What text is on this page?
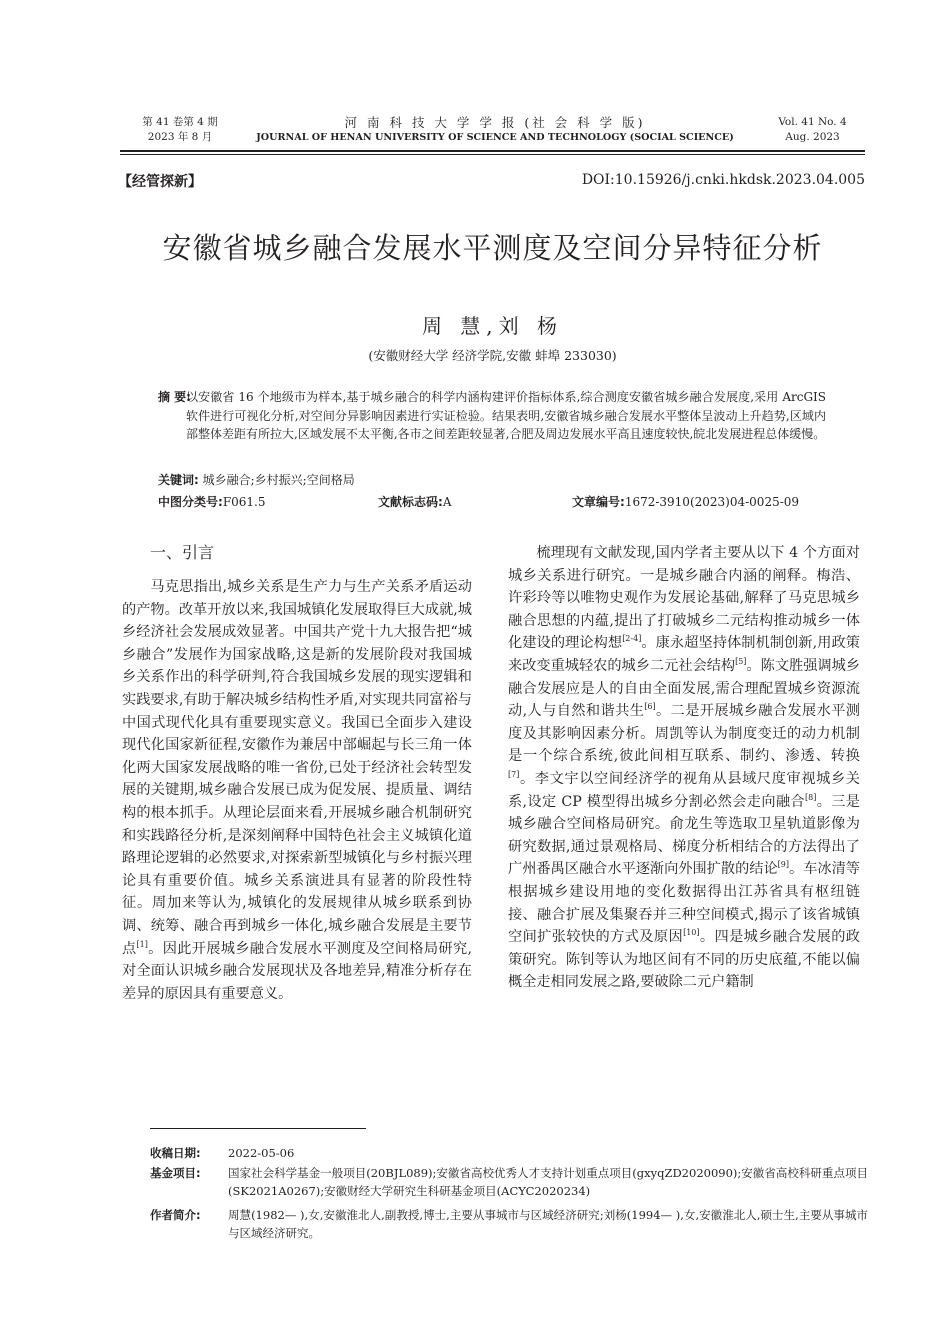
第 41 卷第 4 期
2023 年 8 月
河 南 科 技 大 学 学 报 (社 会 科 学 版)
JOURNAL OF HENAN UNIVERSITY OF SCIENCE AND TECHNOLOGY (SOCIAL SCIENCE)
Vol. 41 No. 4
Aug. 2023
【经管探新】	DOI:10.15926/j.cnki.hkdsk.2023.04.005
安徽省城乡融合发展水平测度及空间分异特征分析
周 慧,刘 杨
(安徽财经大学 经济学院,安徽 蚌埠 233030)
摘 要:
以安徽省 16 个地级市为样本,基于城乡融合的科学内涵构建评价指标体系,综合测度安徽省城乡融合发展度,采用 ArcGIS 软件进行可视化分析,对空间分异影响因素进行实证检验。结果表明,安徽省城乡融合发展水平整体呈波动上升趋势,区域内部整体差距有所拉大,区域发展不太平衡,各市之间差距较显著,合肥及周边发展水平高且速度较快,皖北发展进程总体缓慢。
关键词: 城乡融合;乡村振兴;空间格局
中图分类号:F061.5	文献标志码:A	文章编号:1672-3910(2023)04-0025-09
一、引言

马克思指出,城乡关系是生产力与生产关系矛盾运动的产物。改革开放以来,我国城镇化发展取得巨大成就,城乡经济社会发展成效显著。中国共产党十九大报告把“城乡融合”发展作为国家战略,这是新的发展阶段对我国城乡关系作出的科学研判,符合我国城乡发展的现实逻辑和实践要求,有助于解决城乡结构性矛盾,对实现共同富裕与中国式现代化具有重要现实意义。我国已全面步入建设现代化国家新征程,安徽作为兼居中部崛起与长三角一体化两大国家发展战略的唯一省份,已处于经济社会转型发展的关键期,城乡融合发展已成为促发展、提质量、调结构的根本抓手。从理论层面来看,开展城乡融合机制研究和实践路径分析,是深刻阐释中国特色社会主义城镇化道路理论逻辑的必然要求,对探索新型城镇化与乡村振兴理论具有重要价值。城乡关系演进具有显著的阶段性特征。周加来等认为,城镇化的发展规律从城乡联系到协调、统筹、融合再到城乡一体化,城乡融合发展是主要节点[1]。因此开展城乡融合发展水平测度及空间格局研究,对全面认识城乡融合发展现状及各地差异,精准分析存在差异的原因具有重要意义。

梳理现有文献发现,国内学者主要从以下 4 个方面对城乡关系进行研究。一是城乡融合内涵的阐释。梅浩、许彩玲等以唯物史观作为发展论基础,解释了马克思城乡融合思想的内蕴,提出了打破城乡二元结构推动城乡一体化建设的理论构想[2-4]。康永超坚持体制机制创新,用政策来改变重城轻农的城乡二元社会结构[5]。陈文胜强调城乡融合发展应是人的自由全面发展,需合理配置城乡资源流动,人与自然和谐共生[6]。二是开展城乡融合发展水平测度及其影响因素分析。周凯等认为制度变迁的动力机制是一个综合系统,彼此间相互联系、制约、渗透、转换[7]。李文宇以空间经济学的视角从县域尺度审视城乡关系,设定 CP 模型得出城乡分割必然会走向融合[8]。三是城乡融合空间格局研究。俞龙生等选取卫星轨道影像为研究数据,通过景观格局、梯度分析相结合的方法得出了广州番禺区融合水平逐渐向外围扩散的结论[9]。车冰清等根据城乡建设用地的变化数据得出江苏省具有枢纽链接、融合扩展及集聚吞并三种空间模式,揭示了该省城镇空间扩张较快的方式及原因[10]。四是城乡融合发展的政策研究。陈钊等认为地区间有不同的历史底蕴,不能以偏概全走相同发展之路,要破除二元户籍制

收稿日期:	2022-05-06
基金项目:	国家社会科学基金一般项目(20BJL089);安徽省高校优秀人才支持计划重点项目(gxyqZD2020090);安徽省高校科研重点项目(SK2021A0267);安徽财经大学研究生科研基金项目(ACYC2020234)
作者简介:	周慧(1982— ),女,安徽淮北人,副教授,博士,主要从事城市与区域经济研究;刘杨(1994— ),女,安徽淮北人,硕士生,主要从事城市与区域经济研究。
